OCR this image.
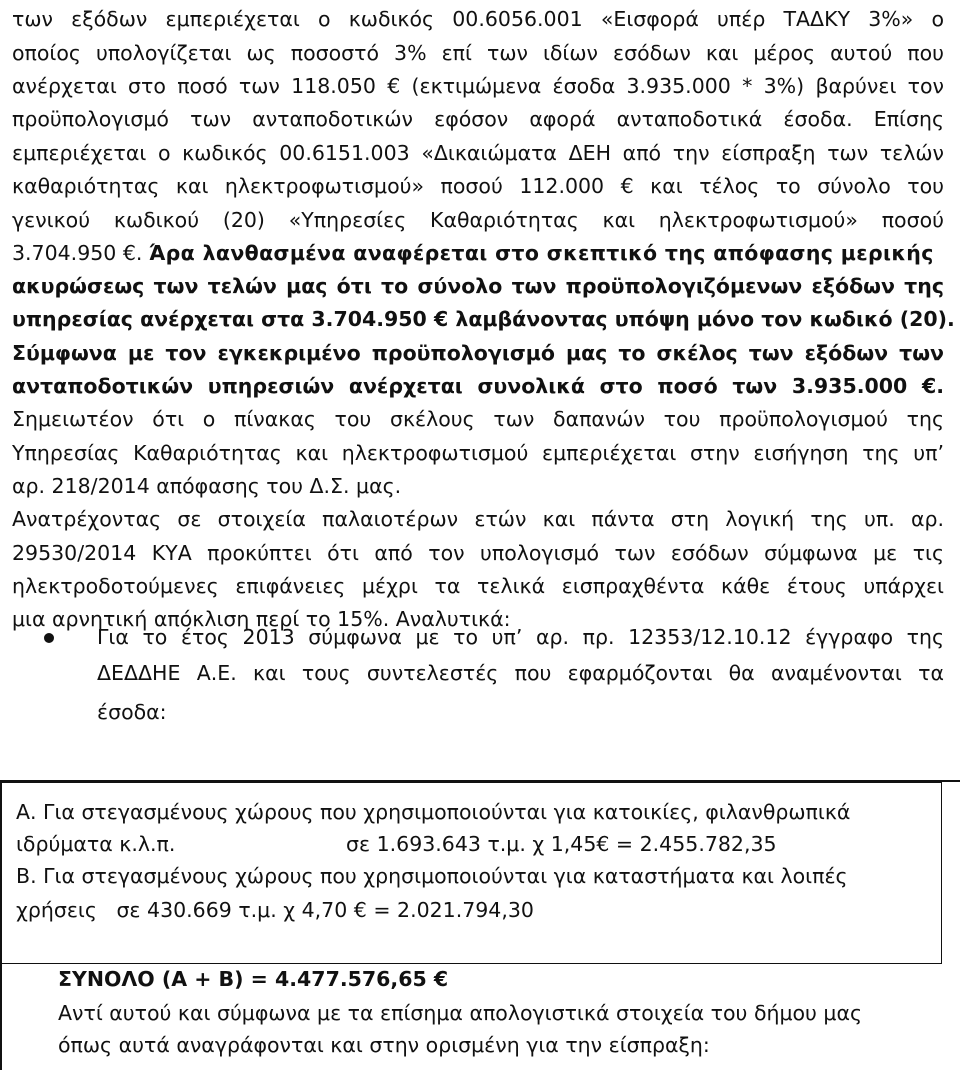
των εξόδων εμπεριέχεται ο κωδικός 00.6056.001 «Εισφορά υπέρ ΤΑΔΚΥ 3%» ο
οποίος υπολογίζεται ως ποσοστό 3% επί των ιδίων εσόδων και μέρος αυτού που
ανέρχεται στο ποσό των 118.050 € (εκτιμώμενα έσοδα 3.935.000 * 3%) βαρύνει τον
προϋπολογισμό των ανταποδοτικών εφόσον αφορά ανταποδοτικά έσοδα. Επίσης
εμπεριέχεται ο κωδικός 00.6151.003 «Δικαιώματα ΔΕΗ από την είσπραξη των τελών
καθαριότητας και ηλεκτροφωτισμού» ποσού 112.000 € και τέλος το σύνολο του
γενικού κωδικού (20) «Υπηρεσίες Καθαριότητας και ηλεκτροφωτισμού» ποσού
3.704.950 €. Άρα λανθασμένα αναφέρεται στο σκεπτικό της απόφασης μερικής
ακυρώσεως των τελών μας ότι το σύνολο των προϋπολογιζόμενων εξόδων της
υπηρεσίας ανέρχεται στα 3.704.950 € λαμβάνοντας υπόψη μόνο τον κωδικό (20).
Σύμφωνα με τον εγκεκριμένο προϋπολογισμό μας το σκέλος των εξόδων των
ανταποδοτικών υπηρεσιών ανέρχεται συνολικά στο ποσό των 3.935.000 €.
Σημειωτέον ότι ο πίνακας του σκέλους των δαπανών του προϋπολογισμού της
Υπηρεσίας Καθαριότητας και ηλεκτροφωτισμού εμπεριέχεται στην εισήγηση της υπ’
αρ. 218/2014 απόφασης του Δ.Σ. μας.
Ανατρέχοντας σε στοιχεία παλαιοτέρων ετών και πάντα στη λογική της υπ. αρ.
29530/2014 ΚΥΑ προκύπτει ότι από τον υπολογισμό των εσόδων σύμφωνα με τις
ηλεκτροδοτούμενες επιφάνειες μέχρι τα τελικά εισπραχθέντα κάθε έτους υπάρχει
μια αρνητική απόκλιση περί το 15%. Αναλυτικά:
Για το έτος 2013 σύμφωνα με το υπ’ αρ. πρ. 12353/12.10.12 έγγραφο της
ΔΕΔΔΗΕ Α.Ε. και τους συντελεστές που εφαρμόζονται θα αναμένονται τα
έσοδα:
Α. Για στεγασμένους χώρους που χρησιμοποιούνται για κατοικίες, φιλανθρωπικά
ιδρύματα κ.λ.π.	σε 1.693.643 τ.μ. χ 1,45€ = 2.455.782,35
Β. Για στεγασμένους χώρους που χρησιμοποιούνται για καταστήματα και λοιπές
χρήσεις   σε 430.669 τ.μ. χ 4,70 € = 2.021.794,30
ΣΥΝΟΛΟ (Α + Β) = 4.477.576,65 €
Αντί αυτού και σύμφωνα με τα επίσημα απολογιστικά στοιχεία του δήμου μας
όπως αυτά αναγράφονται και στην ορισμένη για την είσπραξη:
